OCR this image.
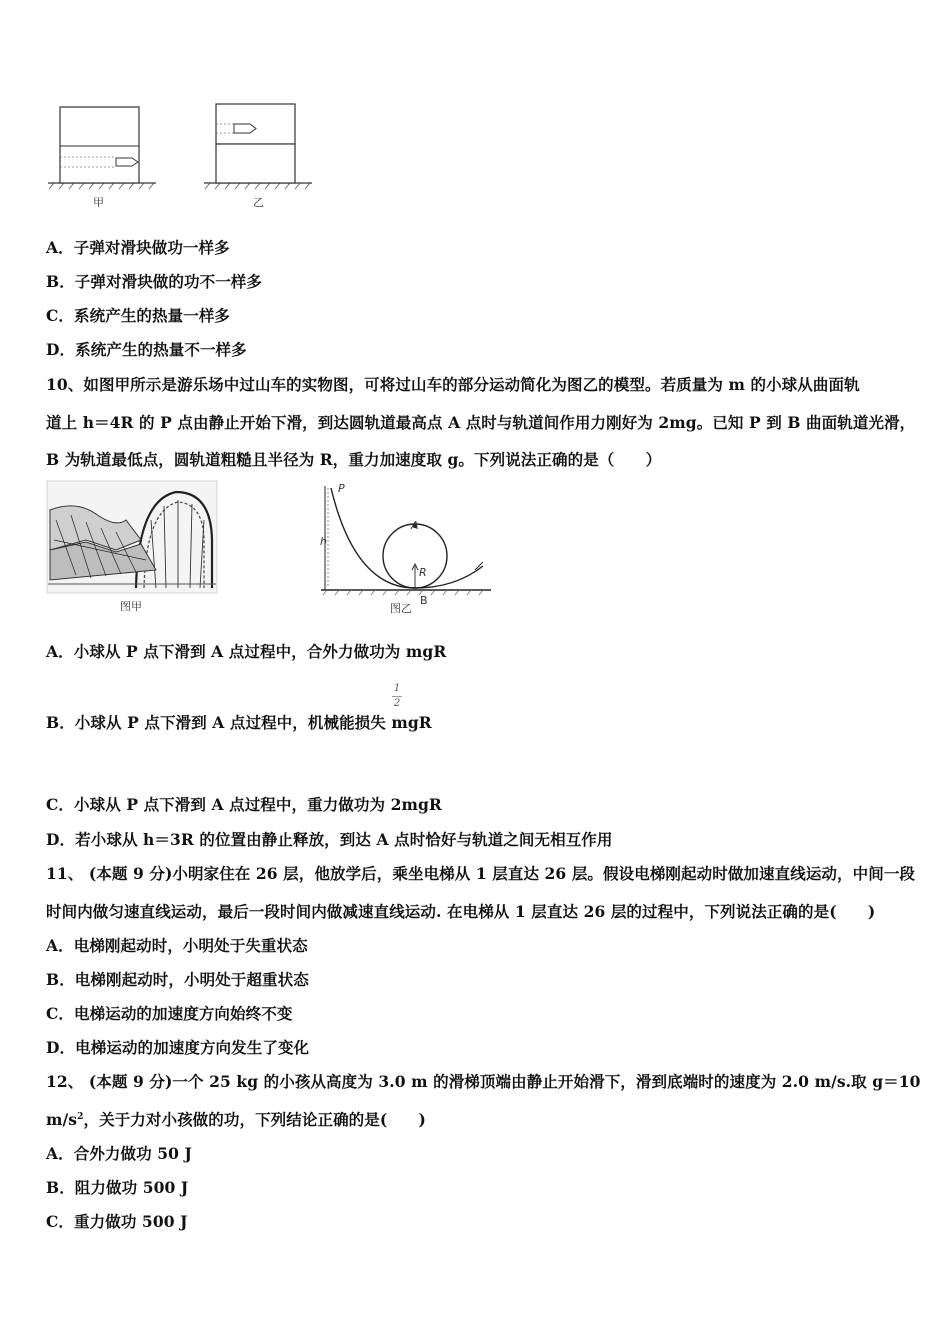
甲	乙
A．子弹对滑块做功一样多
B．子弹对滑块做的功不一样多
C．系统产生的热量一样多
D．系统产生的热量不一样多
10、如图甲所示是游乐场中过山车的实物图，可将过山车的部分运动简化为图乙的模型。若质量为 m 的小球从曲面轨
道上 h＝4R 的 P 点由静止开始下滑，到达圆轨道最高点 A 点时与轨道间作用力刚好为 2mg。已知 P 到 B 曲面轨道光滑，
B 为轨道最低点，圆轨道粗糙且半径为 R，重力加速度取 g。下列说法正确的是（　　）
图甲
P
h
A
R
图乙
B
A．小球从 P 点下滑到 A 点过程中，合外力做功为 mgR
1
2
B．小球从 P 点下滑到 A 点过程中，机械能损失 mgR
C．小球从 P 点下滑到 A 点过程中，重力做功为 2mgR
D．若小球从 h＝3R 的位置由静止释放，到达 A 点时恰好与轨道之间无相互作用
11、 (本题 9 分)小明家住在 26 层，他放学后，乘坐电梯从 1 层直达 26 层。假设电梯刚起动时做加速直线运动，中间一段
时间内做匀速直线运动，最后一段时间内做减速直线运动. 在电梯从 1 层直达 26 层的过程中，下列说法正确的是(　　)
A．电梯刚起动时，小明处于失重状态
B．电梯刚起动时，小明处于超重状态
C．电梯运动的加速度方向始终不变
D．电梯运动的加速度方向发生了变化
12、 (本题 9 分)一个 25 kg 的小孩从高度为 3.0 m 的滑梯顶端由静止开始滑下，滑到底端时的速度为 2.0 m/s.取 g＝10
$m/s^2$，关于力对小孩做的功，下列结论正确的是(　　)
A．合外力做功 50 J
B．阻力做功 500 J
C．重力做功 500 J
